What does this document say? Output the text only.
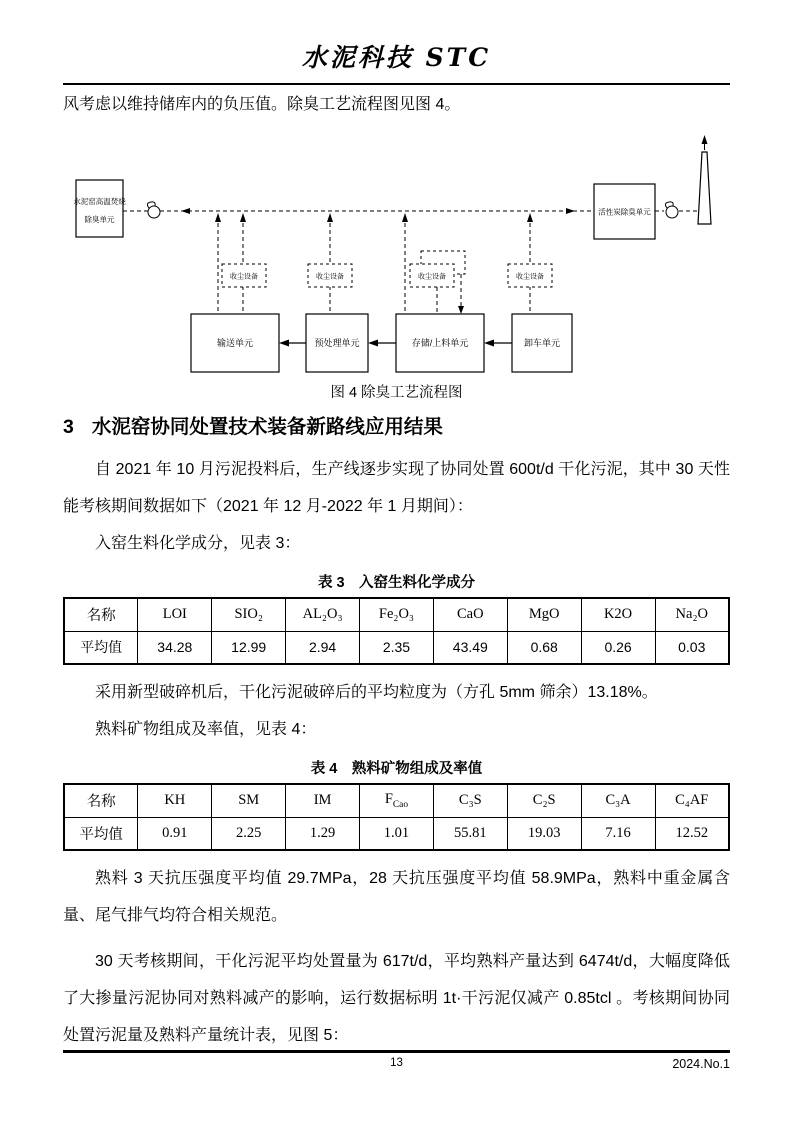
水泥科技 STC
风考虑以维持储库内的负压值。除臭工艺流程图见图 4。
收尘设备	收尘设备	收尘设备	收尘设备
水泥窑高温焚烧
除臭单元
活性炭除臭单元
输送单元	预处理单元	存储/上料单元	卸车单元
图 4 除臭工艺流程图
3 水泥窑协同处置技术装备新路线应用结果
自 2021 年 10 月污泥投料后，生产线逐步实现了协同处置 600t/d 干化污泥，其中 30 天性能考核期间数据如下（2021 年 12 月-2022 年 1 月期间）：
入窑生料化学成分，见表 3：
表 3　入窑生料化学成分
名称	LOI	SIO₂	AL₂O₃	Fe₂O₃	CaO	MgO	K2O	Na₂O
平均值	34.28	12.99	2.94	2.35	43.49	0.68	0.26	0.03
采用新型破碎机后，干化污泥破碎后的平均粒度为（方孔 5mm 筛余）13.18%。
熟料矿物组成及率值，见表 4：
表 4　熟料矿物组成及率值
名称	KH	SM	IM	$F_{Cao}$	C₃S	C₂S	C₃A	C₄AF
平均值	0.91	2.25	1.29	1.01	55.81	19.03	7.16	12.52
熟料 3 天抗压强度平均值 29.7MPa，28 天抗压强度平均值 58.9MPa，熟料中重金属含量、尾气排气均符合相关规范。
30 天考核期间，干化污泥平均处置量为 617t/d，平均熟料产量达到 6474t/d，大幅度降低了大掺量污泥协同对熟料减产的影响，运行数据标明 1t·干污泥仅减产 0.85tcl 。考核期间协同处置污泥量及熟料产量统计表，见图 5：
13	2024.No.1
